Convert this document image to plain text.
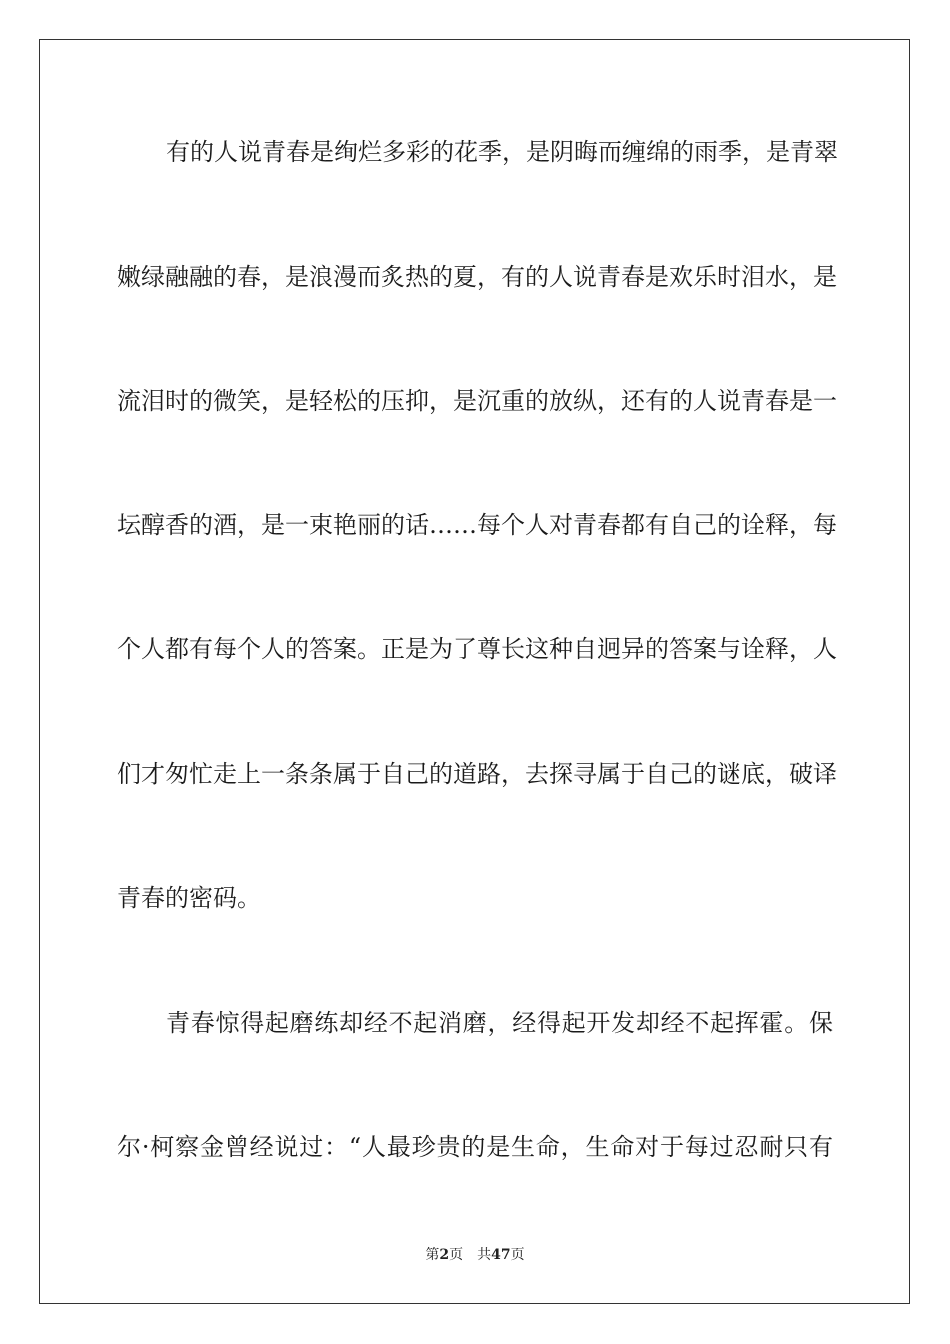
有的人说青春是绚烂多彩的花季，是阴晦而缠绵的雨季，是青翠
嫩绿融融的春，是浪漫而炙热的夏，有的人说青春是欢乐时泪水，是
流泪时的微笑，是轻松的压抑，是沉重的放纵，还有的人说青春是一
坛醇香的酒，是一束艳丽的话……每个人对青春都有自己的诠释，每
个人都有每个人的答案。正是为了尊长这种自迥异的答案与诠释，人
们才匆忙走上一条条属于自己的道路，去探寻属于自己的谜底，破译
青春的密码。
青春惊得起磨练却经不起消磨，经得起开发却经不起挥霍。保
尔·柯察金曾经说过：“人最珍贵的是生命，生命对于每过忍耐只有
第2页 共47页
